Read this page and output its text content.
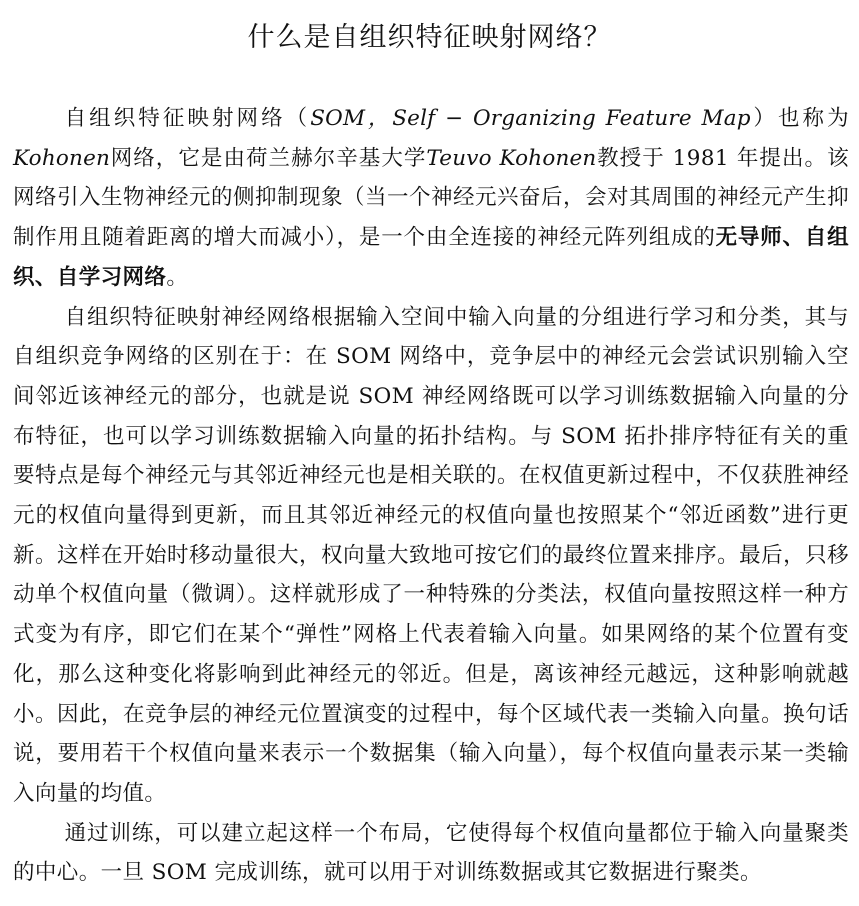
什么是自组织特征映射网络？

自组织特征映射网络（SOM，Self − Organizing Feature Map）也称为Kohonen网络，它是由荷兰赫尔辛基大学Teuvo Kohonen教授于 1981 年提出。该网络引入生物神经元的侧抑制现象（当一个神经元兴奋后，会对其周围的神经元产生抑制作用且随着距离的增大而减小），是一个由全连接的神经元阵列组成的无导师、自组织、自学习网络。

自组织特征映射神经网络根据输入空间中输入向量的分组进行学习和分类，其与自组织竞争网络的区别在于：在 SOM 网络中，竞争层中的神经元会尝试识别输入空间邻近该神经元的部分，也就是说 SOM 神经网络既可以学习训练数据输入向量的分布特征，也可以学习训练数据输入向量的拓扑结构。与 SOM 拓扑排序特征有关的重要特点是每个神经元与其邻近神经元也是相关联的。在权值更新过程中，不仅获胜神经元的权值向量得到更新，而且其邻近神经元的权值向量也按照某个“邻近函数”进行更新。这样在开始时移动量很大，权向量大致地可按它们的最终位置来排序。最后，只移动单个权值向量（微调）。这样就形成了一种特殊的分类法，权值向量按照这样一种方式变为有序，即它们在某个“弹性”网格上代表着输入向量。如果网络的某个位置有变化，那么这种变化将影响到此神经元的邻近。但是，离该神经元越远，这种影响就越小。因此，在竞争层的神经元位置演变的过程中，每个区域代表一类输入向量。换句话说，要用若干个权值向量来表示一个数据集（输入向量），每个权值向量表示某一类输入向量的均值。

通过训练，可以建立起这样一个布局，它使得每个权值向量都位于输入向量聚类的中心。一旦 SOM 完成训练，就可以用于对训练数据或其它数据进行聚类。
